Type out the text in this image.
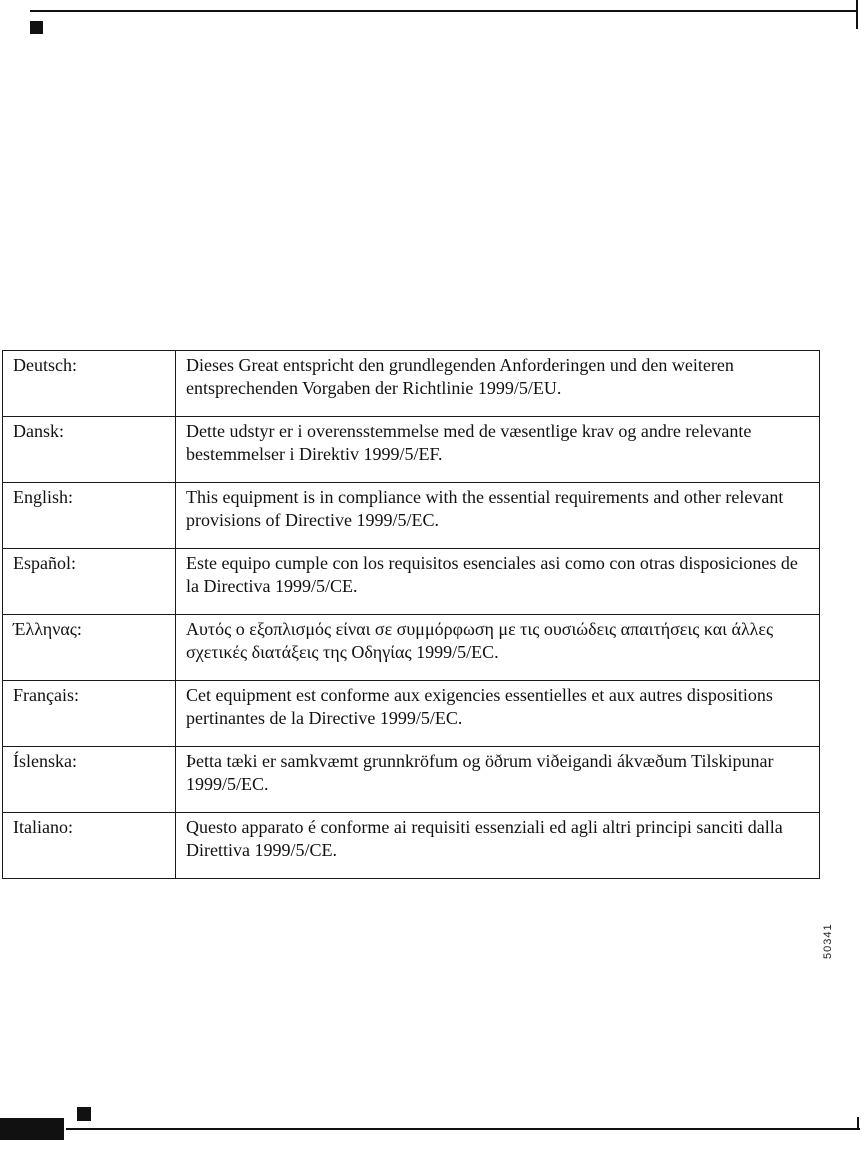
Deutsch:	Dieses Great entspricht den grundlegenden Anforderingen und den weiteren entsprechenden Vorgaben der Richtlinie 1999/5/EU.
Dansk:	Dette udstyr er i overensstemmelse med de væsentlige krav og andre relevante bestemmelser i Direktiv 1999/5/EF.
English:	This equipment is in compliance with the essential requirements and other relevant provisions of Directive 1999/5/EC.
Español:	Este equipo cumple con los requisitos esenciales asi como con otras disposiciones de la Directiva 1999/5/CE.
Έλληνας:	Αυτός ο εξοπλισμός είναι σε συμμόρφωση με τις ουσιώδεις απαιτήσεις και άλλες σχετικές διατάξεις της Οδηγίας 1999/5/EC.
Français:	Cet equipment est conforme aux exigencies essentielles et aux autres dispositions pertinantes de la Directive 1999/5/EC.
Íslenska:	Þetta tæki er samkvæmt grunnkröfum og öðrum viðeigandi ákvæðum Tilskipunar 1999/5/EC.
Italiano:	Questo apparato é conforme ai requisiti essenziali ed agli altri principi sanciti dalla Direttiva 1999/5/CE.
50341
